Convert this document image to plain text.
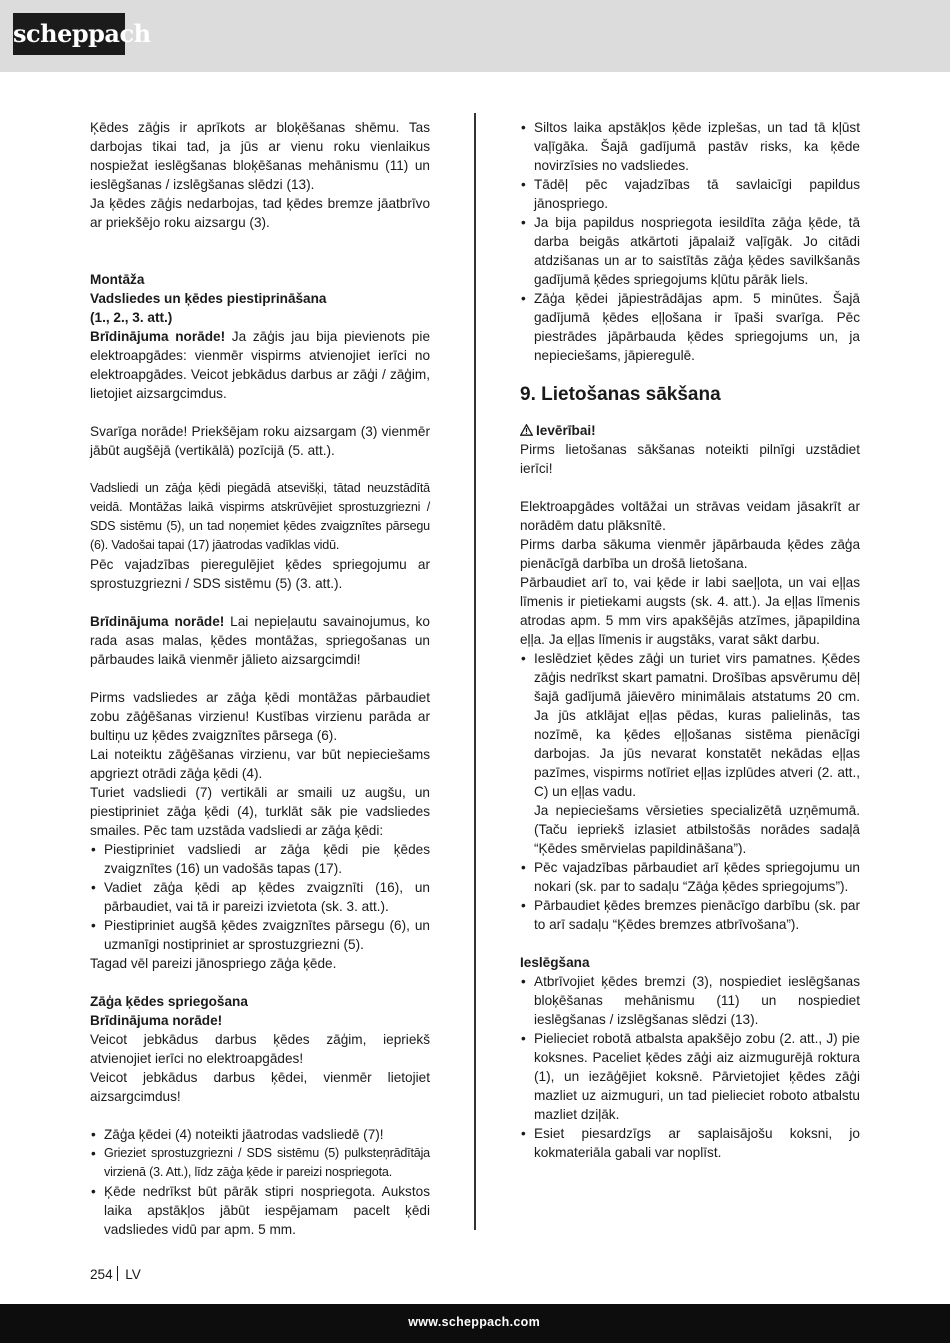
scheppach

Ķēdes zāģis ir aprīkots ar bloķēšanas shēmu. Tas darbojas tikai tad, ja jūs ar vienu roku vienlaikus nospiežat ieslēgšanas bloķēšanas mehānismu (11) un ieslēgšanas / izslēgšanas slēdzi (13).

Ja ķēdes zāģis nedarbojas, tad ķēdes bremze jāatbrīvo ar priekšējo roku aizsargu (3).

Montāža

Vadsliedes un ķēdes piestiprināšana

(1., 2., 3. att.)

Brīdinājuma norāde! Ja zāģis jau bija pievienots pie elektroapgādes: vienmēr vispirms atvienojiet ierīci no elektroapgādes. Veicot jebkādus darbus ar zāģi / zāģim, lietojiet aizsargcimdus.

Svarīga norāde! Priekšējam roku aizsargam (3) vienmēr jābūt augšējā (vertikālā) pozīcijā (5. att.).

Vadsliedi un zāģa ķēdi piegādā atsevišķi, tātad neuzstādītā veidā. Montāžas laikā vispirms atskrūvējiet sprostuzgriezni / SDS sistēmu (5), un tad noņemiet ķēdes zvaigznītes pārsegu (6). Vadošai tapai (17) jāatrodas vadīklas vidū.

Pēc vajadzības pieregulējiet ķēdes spriegojumu ar sprostuzgriezni / SDS sistēmu (5) (3. att.).

Brīdinājuma norāde! Lai nepieļautu savainojumus, ko rada asas malas, ķēdes montāžas, spriegošanas un pārbaudes laikā vienmēr jālieto aizsargcimdi!

Pirms vadsliedes ar zāģa ķēdi montāžas pārbaudiet zobu zāģēšanas virzienu! Kustības virzienu parāda ar bultiņu uz ķēdes zvaigznītes pārsega (6).

Lai noteiktu zāģēšanas virzienu, var būt nepieciešams apgriezt otrādi zāģa ķēdi (4).

Turiet vadsliedi (7) vertikāli ar smaili uz augšu, un piestipriniet zāģa ķēdi (4), turklāt sāk pie vadsliedes smailes. Pēc tam uzstāda vadsliedi ar zāģa ķēdi:

• Piestipriniet vadsliedi ar zāģa ķēdi pie ķēdes zvaigznītes (16) un vadošās tapas (17).
• Vadiet zāģa ķēdi ap ķēdes zvaigznīti (16), un pārbaudiet, vai tā ir pareizi izvietota (sk. 3. att.).
• Piestipriniet augšā ķēdes zvaigznītes pārsegu (6), un uzmanīgi nostipriniet ar sprostuzgriezni (5).

Tagad vēl pareizi jānospriego zāģa ķēde.

Zāģa ķēdes spriegošana

Brīdinājuma norāde!

Veicot jebkādus darbus ķēdes zāģim, iepriekš atvienojiet ierīci no elektroapgādes!

Veicot jebkādus darbus ķēdei, vienmēr lietojiet aizsargcimdus!

• Zāģa ķēdei (4) noteikti jāatrodas vadsliedē (7)!
• Grieziet sprostuzgriezni / SDS sistēmu (5) pulksteņrādītāja virzienā (3. Att.), līdz zāģa ķēde ir pareizi nospriegota.
• Ķēde nedrīkst būt pārāk stipri nospriegota. Aukstos laika apstākļos jābūt iespējamam pacelt ķēdi vadsliedes vidū par apm. 5 mm.
• Siltos laika apstākļos ķēde izplešas, un tad tā kļūst vaļīgāka. Šajā gadījumā pastāv risks, ka ķēde novirzīsies no vadsliedes.
• Tādēļ pēc vajadzības tā savlaicīgi papildus jānospriego.
• Ja bija papildus nospriegota iesildīta zāģa ķēde, tā darba beigās atkārtoti jāpalaiž vaļīgāk. Jo citādi atdzišanas un ar to saistītās zāģa ķēdes savilkšanās gadījumā ķēdes spriegojums kļūtu pārāk liels.
• Zāģa ķēdei jāpiestrādājas apm. 5 minūtes. Šajā gadījumā ķēdes eļļošana ir īpaši svarīga. Pēc piestrādes jāpārbauda ķēdes spriegojums un, ja nepieciešams, jāpieregulē.

9. Lietošanas sākšana

Ievērībai!

Pirms lietošanas sākšanas noteikti pilnīgi uzstādiet ierīci!

Elektroapgādes voltāžai un strāvas veidam jāsakrīt ar norādēm datu plāksnītē.

Pirms darba sākuma vienmēr jāpārbauda ķēdes zāģa pienācīgā darbība un drošā lietošana.

Pārbaudiet arī to, vai ķēde ir labi saeļļota, un vai eļļas līmenis ir pietiekami augsts (sk. 4. att.). Ja eļļas līmenis atrodas apm. 5 mm virs apakšējās atzīmes, jāpapildina eļļa. Ja eļļas līmenis ir augstāks, varat sākt darbu.

• Ieslēdziet ķēdes zāģi un turiet virs pamatnes. Ķēdes zāģis nedrīkst skart pamatni. Drošības apsvērumu dēļ šajā gadījumā jāievēro minimālais atstatums 20 cm. Ja jūs atklājat eļļas pēdas, kuras palielinās, tas nozīmē, ka ķēdes eļļošanas sistēma pienācīgi darbojas. Ja jūs nevarat konstatēt nekādas eļļas pazīmes, vispirms notīriet eļļas izplūdes atveri (2. att., C) un eļļas vadu.

Ja nepieciešams vērsieties specializētā uzņēmumā. (Taču iepriekš izlasiet atbilstošās norādes sadaļā “Ķēdes smērvielas papildināšana”).

• Pēc vajadzības pārbaudiet arī ķēdes spriegojumu un nokari (sk. par to sadaļu “Zāģa ķēdes spriegojums”).
• Pārbaudiet ķēdes bremzes pienācīgo darbību (sk. par to arī sadaļu “Ķēdes bremzes atbrīvošana”).

Ieslēgšana

• Atbrīvojiet ķēdes bremzi (3), nospiediet ieslēgšanas bloķēšanas mehānismu (11) un nospiediet ieslēgšanas / izslēgšanas slēdzi (13).
• Pielieciet robotā atbalsta apakšējo zobu (2. att., J) pie koksnes. Paceliet ķēdes zāģi aiz aizmugurējā roktura (1), un iezāģējiet koksnē. Pārvietojiet ķēdes zāģi mazliet uz aizmuguri, un tad pielieciet roboto atbalstu mazliet dziļāk.
• Esiet piesardzīgs ar saplaisājošu koksni, jo kokmateriāla gabali var noplīst.
254 LV
www.scheppach.com
